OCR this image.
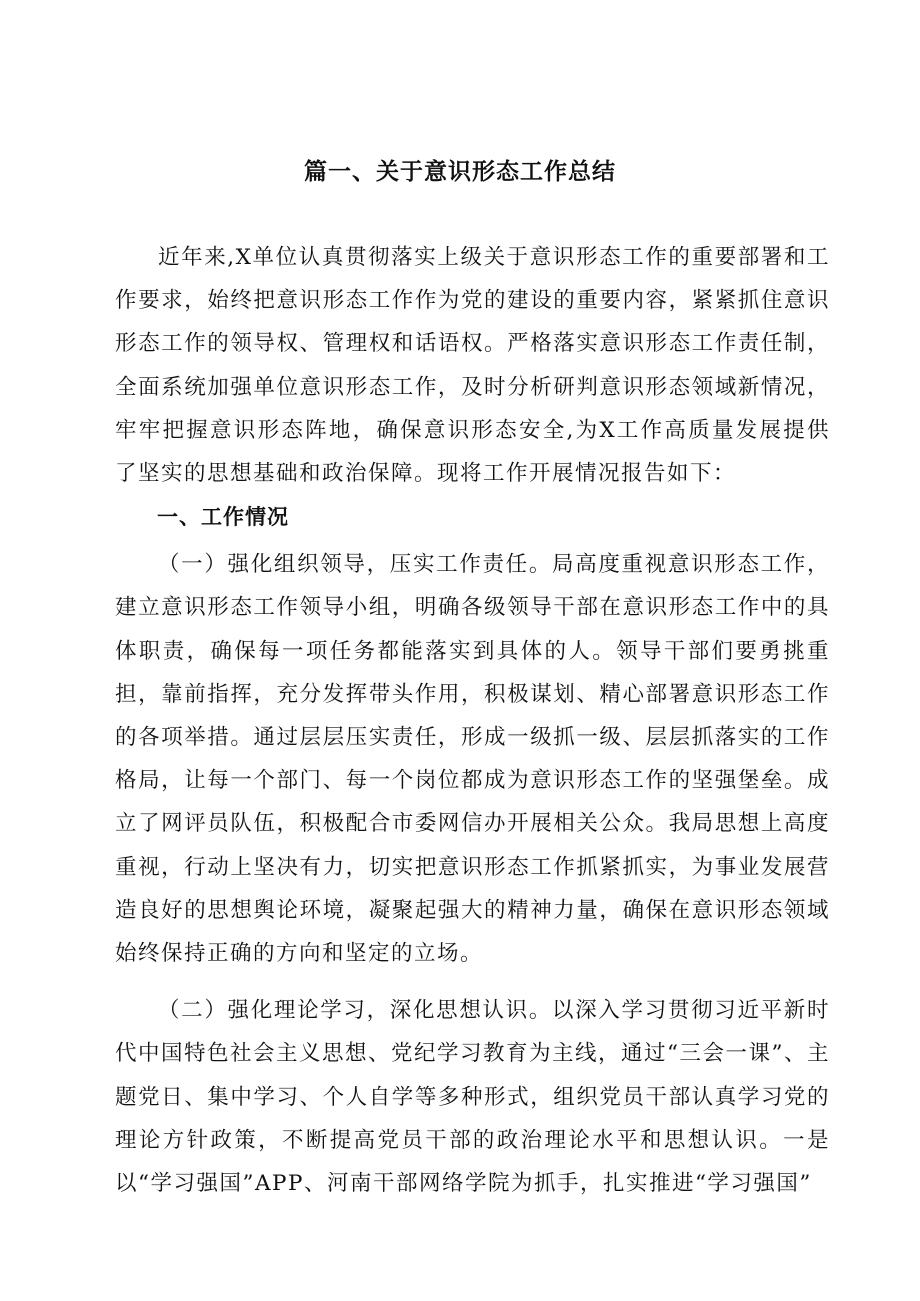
篇一、关于意识形态工作总结

近年来,X单位认真贯彻落实上级关于意识形态工作的重要部署和工作要求，始终把意识形态工作作为党的建设的重要内容，紧紧抓住意识形态工作的领导权、管理权和话语权。严格落实意识形态工作责任制，全面系统加强单位意识形态工作，及时分析研判意识形态领域新情况，牢牢把握意识形态阵地，确保意识形态安全,为X工作高质量发展提供了坚实的思想基础和政治保障。现将工作开展情况报告如下：

一、工作情况

（一）强化组织领导，压实工作责任。局高度重视意识形态工作，建立意识形态工作领导小组，明确各级领导干部在意识形态工作中的具体职责，确保每一项任务都能落实到具体的人。领导干部们要勇挑重担，靠前指挥，充分发挥带头作用，积极谋划、精心部署意识形态工作的各项举措。通过层层压实责任，形成一级抓一级、层层抓落实的工作格局，让每一个部门、每一个岗位都成为意识形态工作的坚强堡垒。成立了网评员队伍，积极配合市委网信办开展相关公众。我局思想上高度重视，行动上坚决有力，切实把意识形态工作抓紧抓实，为事业发展营造良好的思想舆论环境，凝聚起强大的精神力量，确保在意识形态领域始终保持正确的方向和坚定的立场。

（二）强化理论学习，深化思想认识。以深入学习贯彻习近平新时代中国特色社会主义思想、党纪学习教育为主线，通过“三会一课”、主题党日、集中学习、个人自学等多种形式，组织党员干部认真学习党的理论方针政策，不断提高党员干部的政治理论水平和思想认识。一是以“学习强国”APP、河南干部网络学院为抓手，扎实推进“学习强国”
